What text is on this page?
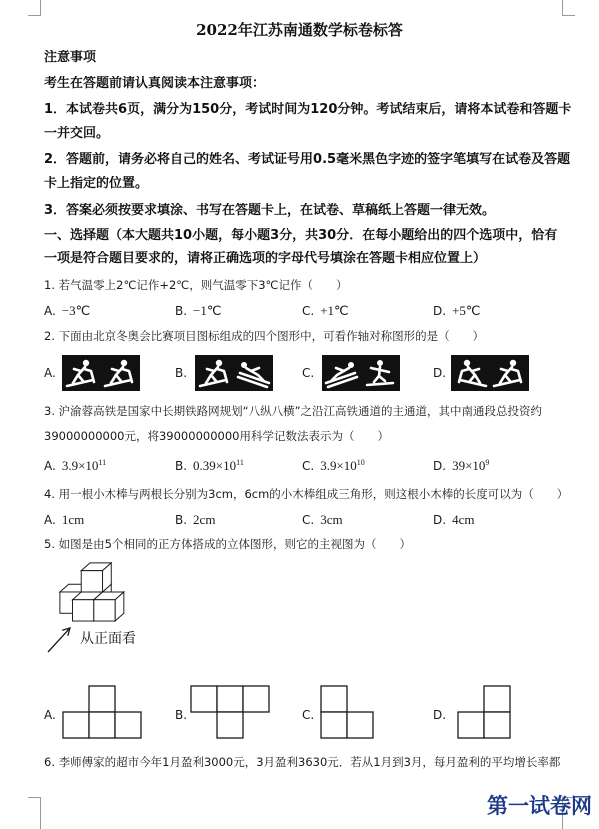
2022年江苏南通数学标卷标答
注意事项
考生在答题前请认真阅读本注意事项：
1．本试卷共6页，满分为150分，考试时间为120分钟。考试结束后，请将本试卷和答题卡
一并交回。
2．答题前，请务必将自己的姓名、考试证号用0.5毫米黑色字迹的签字笔填写在试卷及答题
卡上指定的位置。
3．答案必须按要求填涂、书写在答题卡上，在试卷、草稿纸上答题一律无效。
一、选择题（本大题共10小题，每小题3分，共30分．在每小题给出的四个选项中，恰有
一项是符合题目要求的，请将正确选项的字母代号填涂在答题卡相应位置上）
1. 若气温零上2℃记作+2℃，则气温零下3℃记作（　　）
A. −3℃	B. −1℃	C. +1℃	D. +5℃
2. 下面由北京冬奥会比赛项目图标组成的四个图形中，可看作轴对称图形的是（　　）
A.	B.	C.	D.
3. 沪渝蓉高铁是国家中长期铁路网规划“八纵八横”之沿江高铁通道的主通道，其中南通段总投资约
39000000000元，将39000000000用科学记数法表示为（　　）
A. $3.9\times 10^{11}$	B. $0.39\times 10^{11}$	C. $3.9\times 10^{10}$	D. $39\times 10^9$
4. 用一根小木棒与两根长分别为3cm，6cm的小木棒组成三角形，则这根小木棒的长度可以为（　　）
A. 1cm	B. 2cm	C. 3cm	D. 4cm
5. 如图是由5个相同的正方体搭成的立体图形，则它的主视图为（　　）
从正面看
A.	B.	C.	D.
6. 李师傅家的超市今年1月盈利3000元，3月盈利3630元．若从1月到3月，每月盈利的平均增长率都
第一试卷网
